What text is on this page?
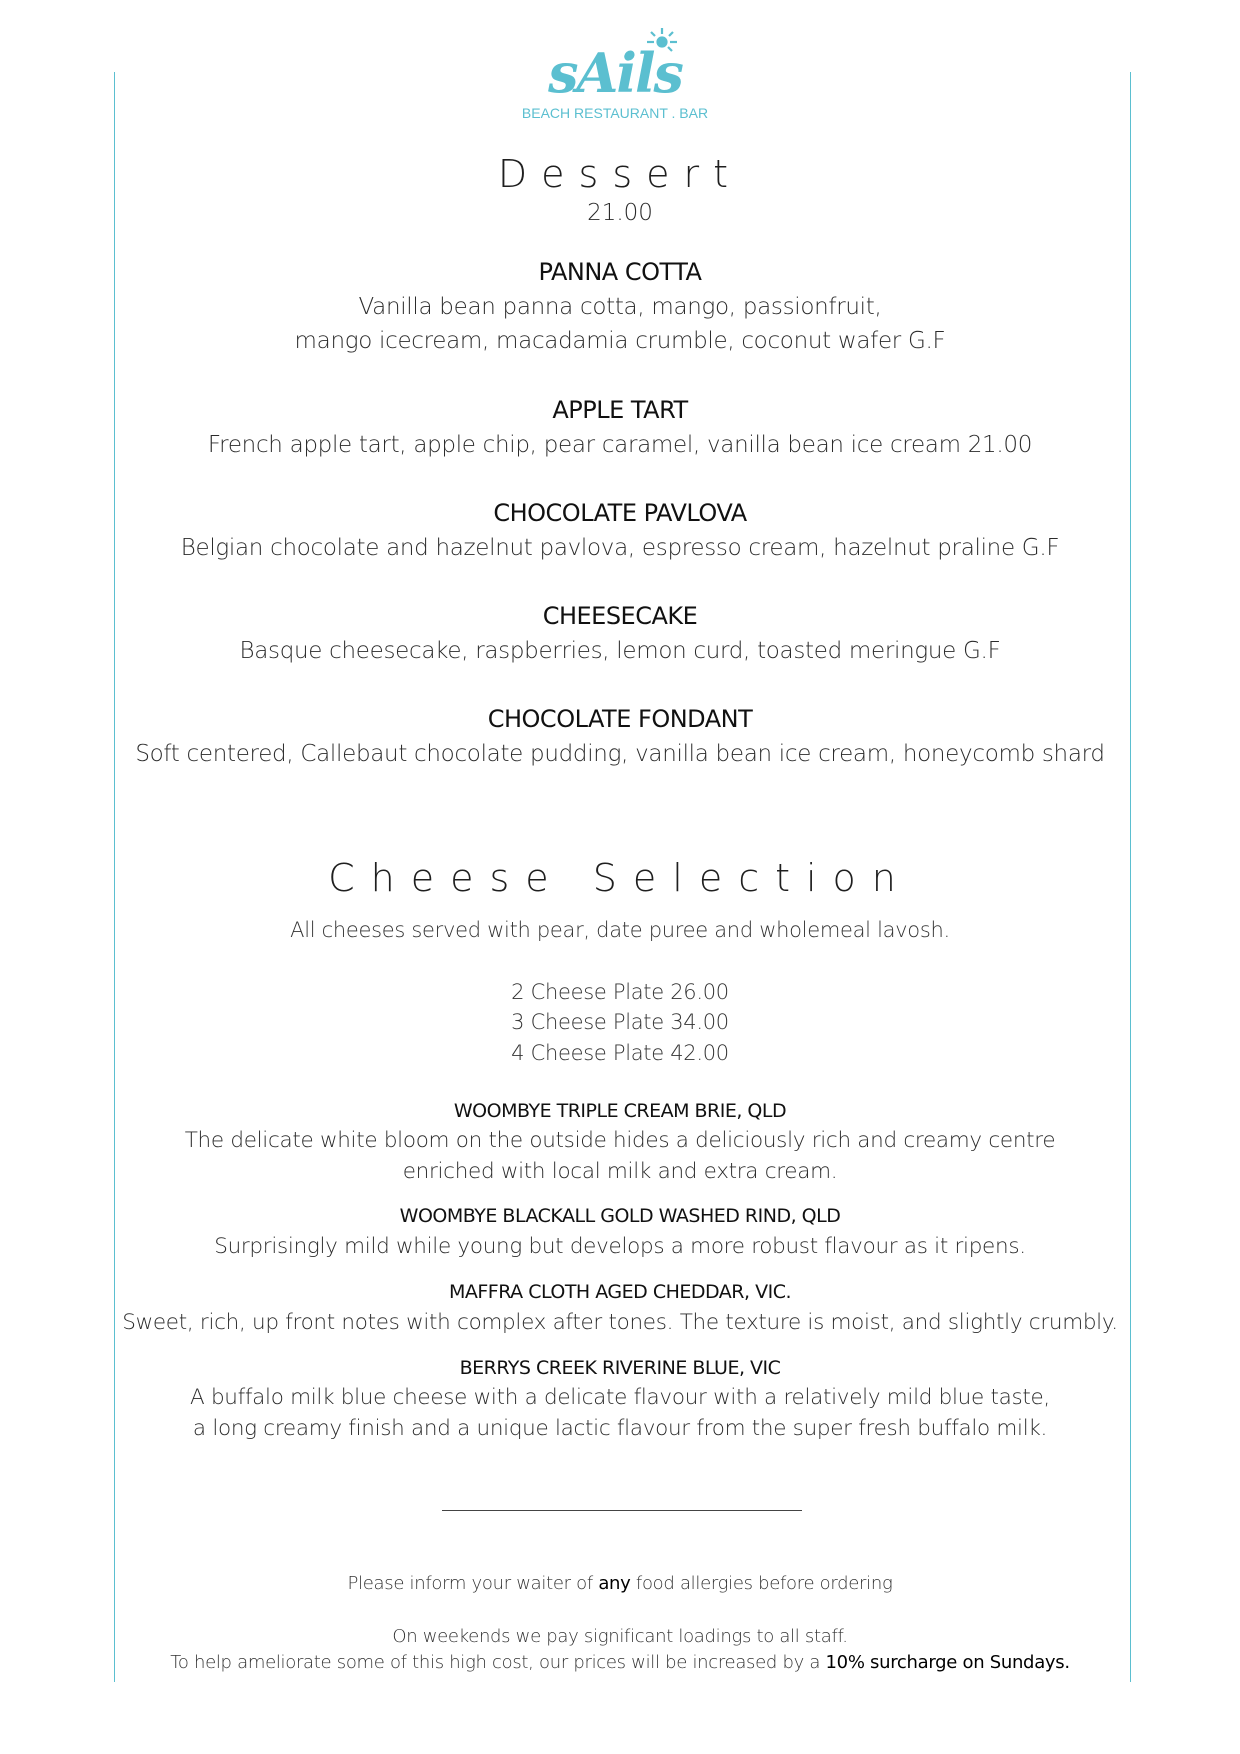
sAils
BEACH RESTAURANT . BAR
Dessert
21.00
PANNA COTTA
Vanilla bean panna cotta, mango, passionfruit,
mango icecream, macadamia crumble, coconut wafer G.F
APPLE TART
French apple tart, apple chip, pear caramel, vanilla bean ice cream 21.00
CHOCOLATE PAVLOVA
Belgian chocolate and hazelnut pavlova, espresso cream, hazelnut praline G.F
CHEESECAKE
Basque cheesecake, raspberries, lemon curd, toasted meringue G.F
CHOCOLATE FONDANT
Soft centered, Callebaut chocolate pudding, vanilla bean ice cream, honeycomb shard
Cheese Selection
All cheeses served with pear, date puree and wholemeal lavosh.
2 Cheese Plate 26.00
3 Cheese Plate 34.00
4 Cheese Plate 42.00
WOOMBYE TRIPLE CREAM BRIE, QLD
The delicate white bloom on the outside hides a deliciously rich and creamy centre
enriched with local milk and extra cream.
WOOMBYE BLACKALL GOLD WASHED RIND, QLD
Surprisingly mild while young but develops a more robust flavour as it ripens.
MAFFRA CLOTH AGED CHEDDAR, VIC.
Sweet, rich, up front notes with complex after tones. The texture is moist, and slightly crumbly.
BERRYS CREEK RIVERINE BLUE, VIC
A buffalo milk blue cheese with a delicate flavour with a relatively mild blue taste,
a long creamy finish and a unique lactic flavour from the super fresh buffalo milk.
Please inform your waiter of any food allergies before ordering
On weekends we pay significant loadings to all staff.
To help ameliorate some of this high cost, our prices will be increased by a 10% surcharge on Sundays.
